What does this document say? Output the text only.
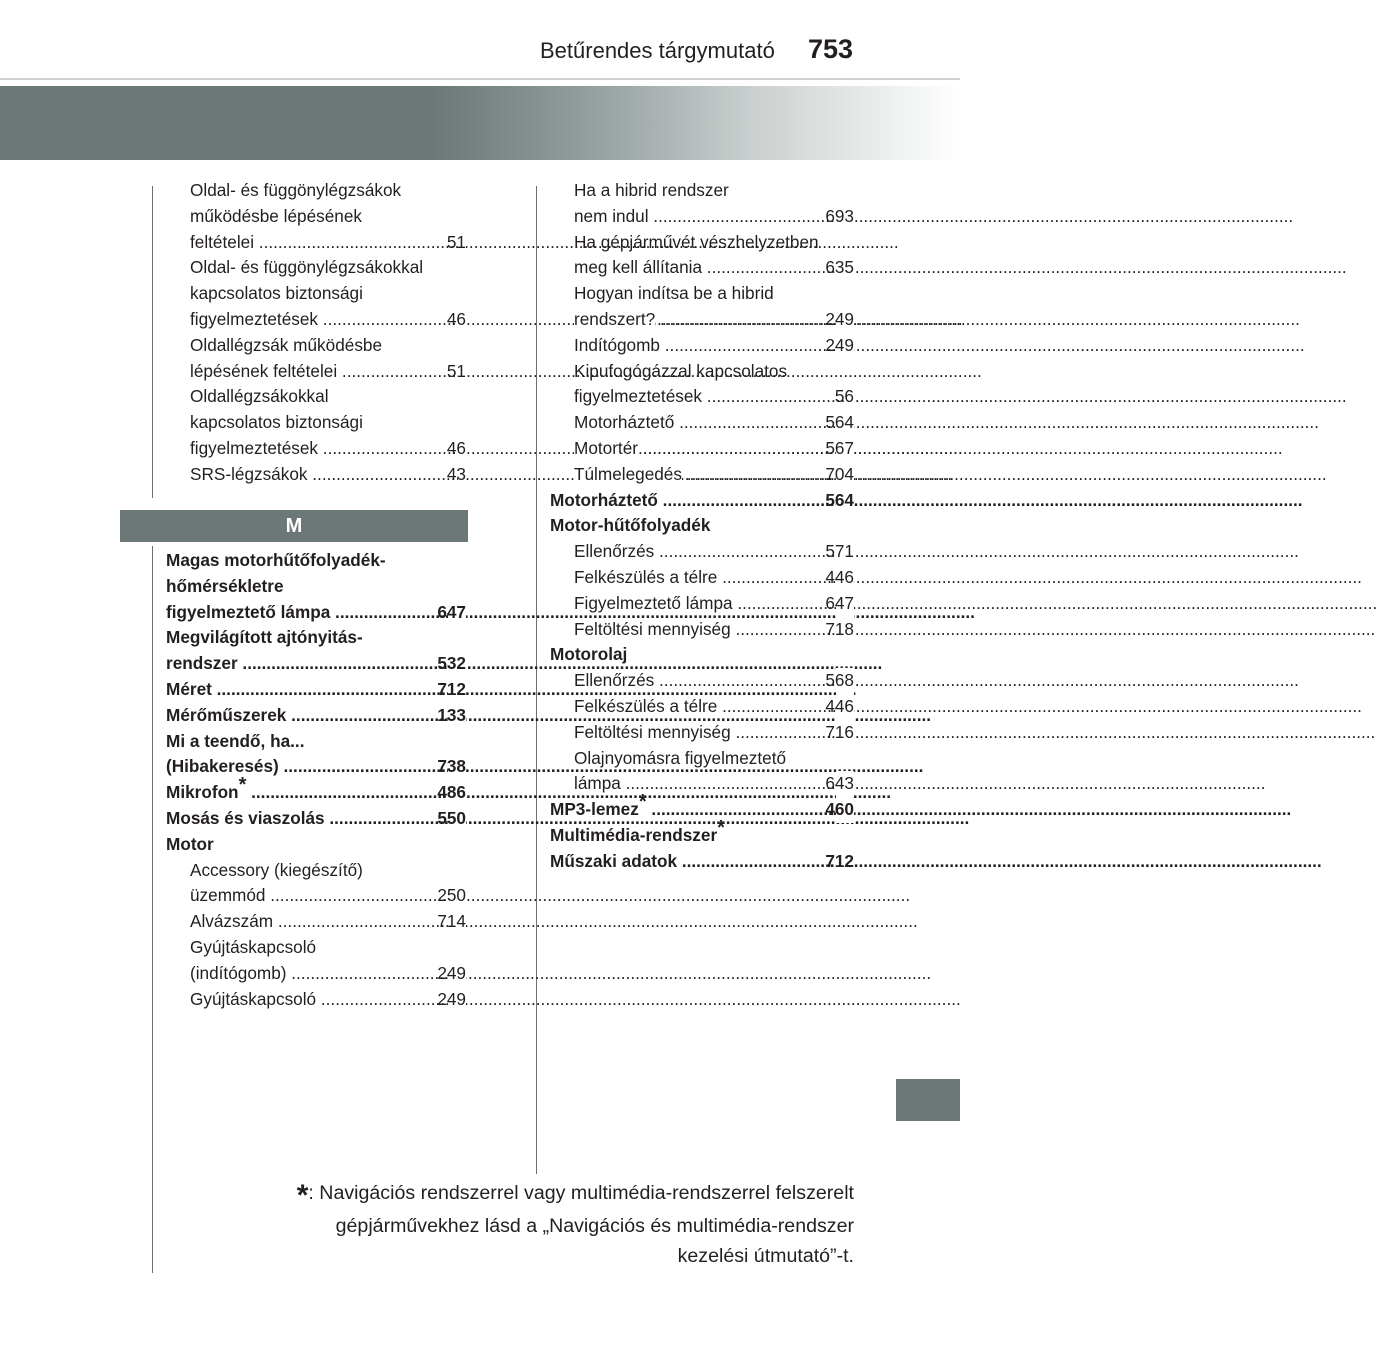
Betűrendes tárgymutató 753
Oldal- és függönylégzsákok
működésbe lépésének
feltételei .....	51
Oldal- és függönylégzsákokkal
kapcsolatos biztonsági
figyelmeztetések .....	46
Oldallégzsák működésbe
lépésének feltételei .....	51
Oldallégzsákokkal
kapcsolatos biztonsági
figyelmeztetések .....	46
SRS-légzsákok .....	43
M
Magas motorhűtőfolyadék-
hőmérsékletre
figyelmeztető lámpa .....	647
Megvilágított ajtónyitás-
rendszer .....	532
Méret .....	712
Mérőműszerek .....	133
Mi a teendő, ha...
(Hibakeresés) .....	738
Mikrofon* .....	486
Mosás és viaszolás .....	550
Motor
Accessory (kiegészítő)
üzemmód .....	250
Alvázszám .....	714
Gyújtáskapcsoló
(indítógomb) .....	249
Gyújtáskapcsoló .....	249
Ha a hibrid rendszer
nem indul .....	693
Ha gépjárművét vészhelyzetben
meg kell állítania .....	635
Hogyan indítsa be a hibrid
rendszert? .....	249
Indítógomb .....	249
Kipufogógázzal kapcsolatos
figyelmeztetések .....	56
Motorháztető .....	564
Motortér .....	567
Túlmelegedés .....	704
Motorháztető .....	564
Motor-hűtőfolyadék
Ellenőrzés .....	571
Felkészülés a télre .....	446
Figyelmeztető lámpa .....	647
Feltöltési mennyiség .....	718
Motorolaj
Ellenőrzés .....	568
Felkészülés a télre .....	446
Feltöltési mennyiség .....	716
Olajnyomásra figyelmeztető
lámpa .....	643
MP3-lemez* .....	460
Multimédia-rendszer*
Műszaki adatok .....	712
*: Navigációs rendszerrel vagy multimédia-rendszerrel felszerelt
gépjárművekhez lásd a „Navigációs és multimédia-rendszer
kezelési útmutató”-t.
